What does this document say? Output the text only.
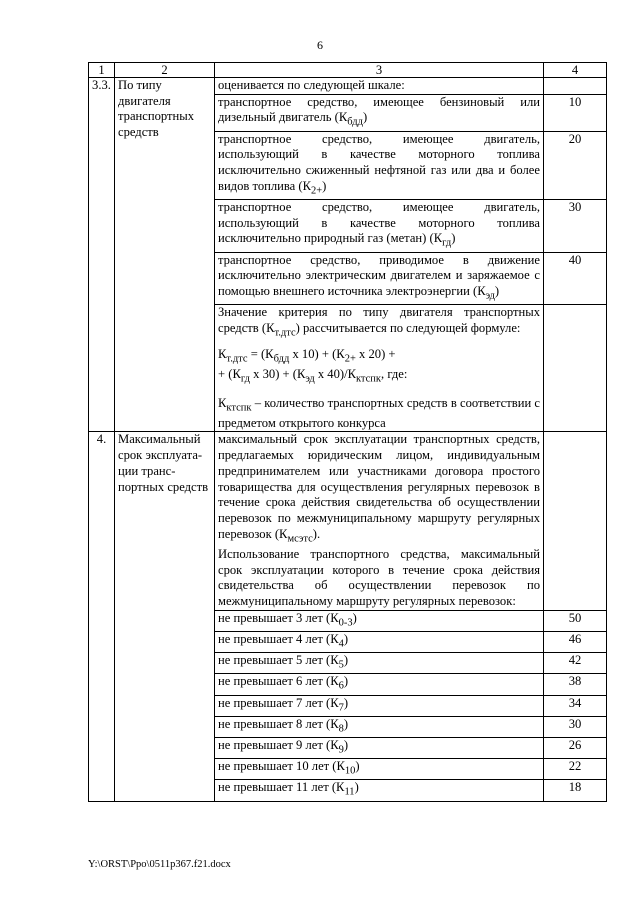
6
1	2	3	4
3.3.	По типу двигателя транспортных средств	оценивается по следующей шкале:	
		транспортное средство, имеющее бензиновый или дизельный двигатель $(К_{бдд})$	10
		транспортное средство, имеющее двигатель, использующий в качестве моторного топлива исключительно сжиженный нефтяной газ или два и более видов топлива $(К_{2+})$	20
		транспортное средство, имеющее двигатель, использующий в качестве моторного топлива исключительно природный газ (метан) $(К_{гд})$	30
		транспортное средство, приводимое в движение исключительно электрическим двигателем и заряжаемое с помощью внешнего источника электроэнергии $(К_{эд})$	40
		Значение критерия по типу двигателя транспортных средств $(К_{т.дтс})$ рассчитывается по следующей формуле:
$К_{т.дтс} = (К_{бдд}$ x $10) + (К_{2+}$ x 20) +
+ ($К_{гд}$ x $30) + (К_{эд}$ x $40)/К_{ктспк}$, где:
$К_{ктспк}$ – количество транспортных средств в соответствии с предметом открытого конкурса	
4.	Максимальный срок эксплуата-ции транс-портных средств	максимальный срок эксплуатации транспортных средств, предлагаемых юридическим лицом, индивидуальным предпринимателем или участниками договора простого товарищества для осуществления регулярных перевозок в течение срока действия свидетельства об осуществлении перевозок по межмуниципальному маршруту регулярных перевозок $(К_{мсэтс})$.
Использование транспортного средства, максимальный срок эксплуатации которого в течение срока действия свидетельства об осуществлении перевозок по межмуниципальному маршруту регулярных перевозок:	
		не превышает 3 лет $(К_{0-3})$	50
		не превышает 4 лет $(К_4)$	46
		не превышает 5 лет $(К_5)$	42
		не превышает 6 лет $(К_6)$	38
		не превышает 7 лет $(К_7)$	34
		не превышает 8 лет $(К_8)$	30
		не превышает 9 лет $(К_9)$	26
		не превышает 10 лет $(К_{10})$	22
		не превышает 11 лет $(К_{11})$	18
Y:\ORST\Ppo\0511p367.f21.docx
